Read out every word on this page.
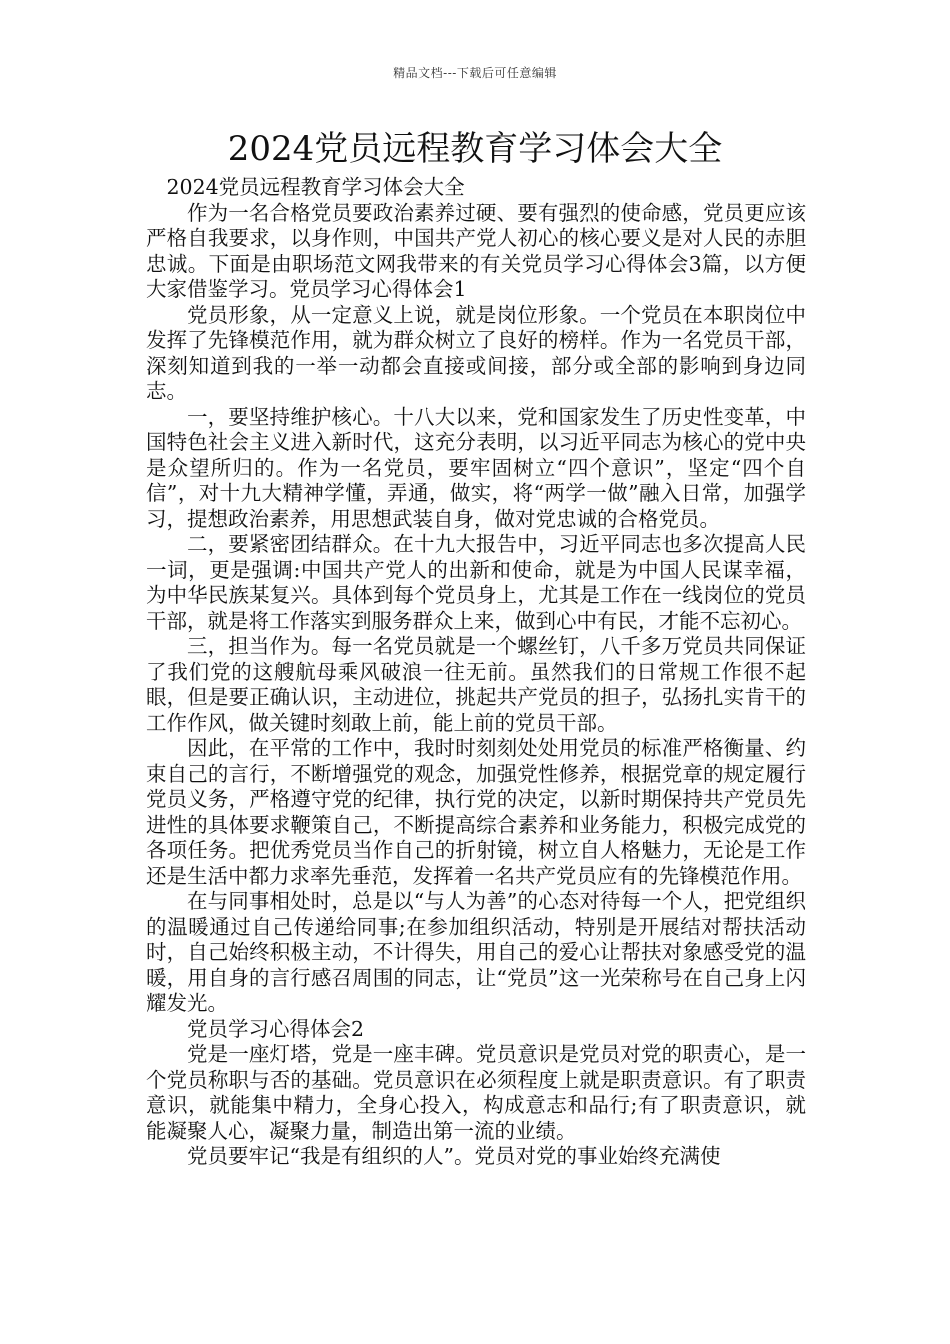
精品文档---下载后可任意编辑
2024党员远程教育学习体会大全

2024党员远程教育学习体会大全

作为一名合格党员要政治素养过硬、要有强烈的使命感，党员更应该严格自我要求，以身作则，中国共产党人初心的核心要义是对人民的赤胆忠诚。下面是由职场范文网我带来的有关党员学习心得体会3篇，以方便大家借鉴学习。党员学习心得体会1

党员形象，从一定意义上说，就是岗位形象。一个党员在本职岗位中发挥了先锋模范作用，就为群众树立了良好的榜样。作为一名党员干部，深刻知道到我的一举一动都会直接或间接，部分或全部的影响到身边同志。

一，要坚持维护核心。十八大以来，党和国家发生了历史性变革，中国特色社会主义进入新时代，这充分表明，以习近平同志为核心的党中央是众望所归的。作为一名党员，要牢固树立“四个意识”，坚定“四个自信”，对十九大精神学懂，弄通，做实，将“两学一做”融入日常，加强学习，提想政治素养，用思想武装自身，做对党忠诚的合格党员。

二，要紧密团结群众。在十九大报告中，习近平同志也多次提高人民一词，更是强调:中国共产党人的出新和使命，就是为中国人民谋幸福，为中华民族某复兴。具体到每个党员身上，尤其是工作在一线岗位的党员干部，就是将工作落实到服务群众上来，做到心中有民，才能不忘初心。

三，担当作为。每一名党员就是一个螺丝钉，八千多万党员共同保证了我们党的这艘航母乘风破浪一往无前。虽然我们的日常规工作很不起眼，但是要正确认识，主动进位，挑起共产党员的担子，弘扬扎实肯干的工作作风，做关键时刻敢上前，能上前的党员干部。

因此，在平常的工作中，我时时刻刻处处用党员的标准严格衡量、约束自己的言行，不断增强党的观念，加强党性修养，根据党章的规定履行党员义务，严格遵守党的纪律，执行党的决定，以新时期保持共产党员先进性的具体要求鞭策自己，不断提高综合素养和业务能力，积极完成党的各项任务。把优秀党员当作自己的折射镜，树立自人格魅力，无论是工作还是生活中都力求率先垂范，发挥着一名共产党员应有的先锋模范作用。

在与同事相处时，总是以“与人为善”的心态对待每一个人，把党组织的温暖通过自己传递给同事;在参加组织活动，特别是开展结对帮扶活动时，自己始终积极主动，不计得失，用自己的爱心让帮扶对象感受党的温暖，用自身的言行感召周围的同志，让“党员”这一光荣称号在自己身上闪耀发光。

党员学习心得体会2

党是一座灯塔，党是一座丰碑。党员意识是党员对党的职责心，是一个党员称职与否的基础。党员意识在必须程度上就是职责意识。有了职责意识，就能集中精力，全身心投入，构成意志和品行;有了职责意识，就能凝聚人心，凝聚力量，制造出第一流的业绩。

党员要牢记“我是有组织的人”。党员对党的事业始终充满使
